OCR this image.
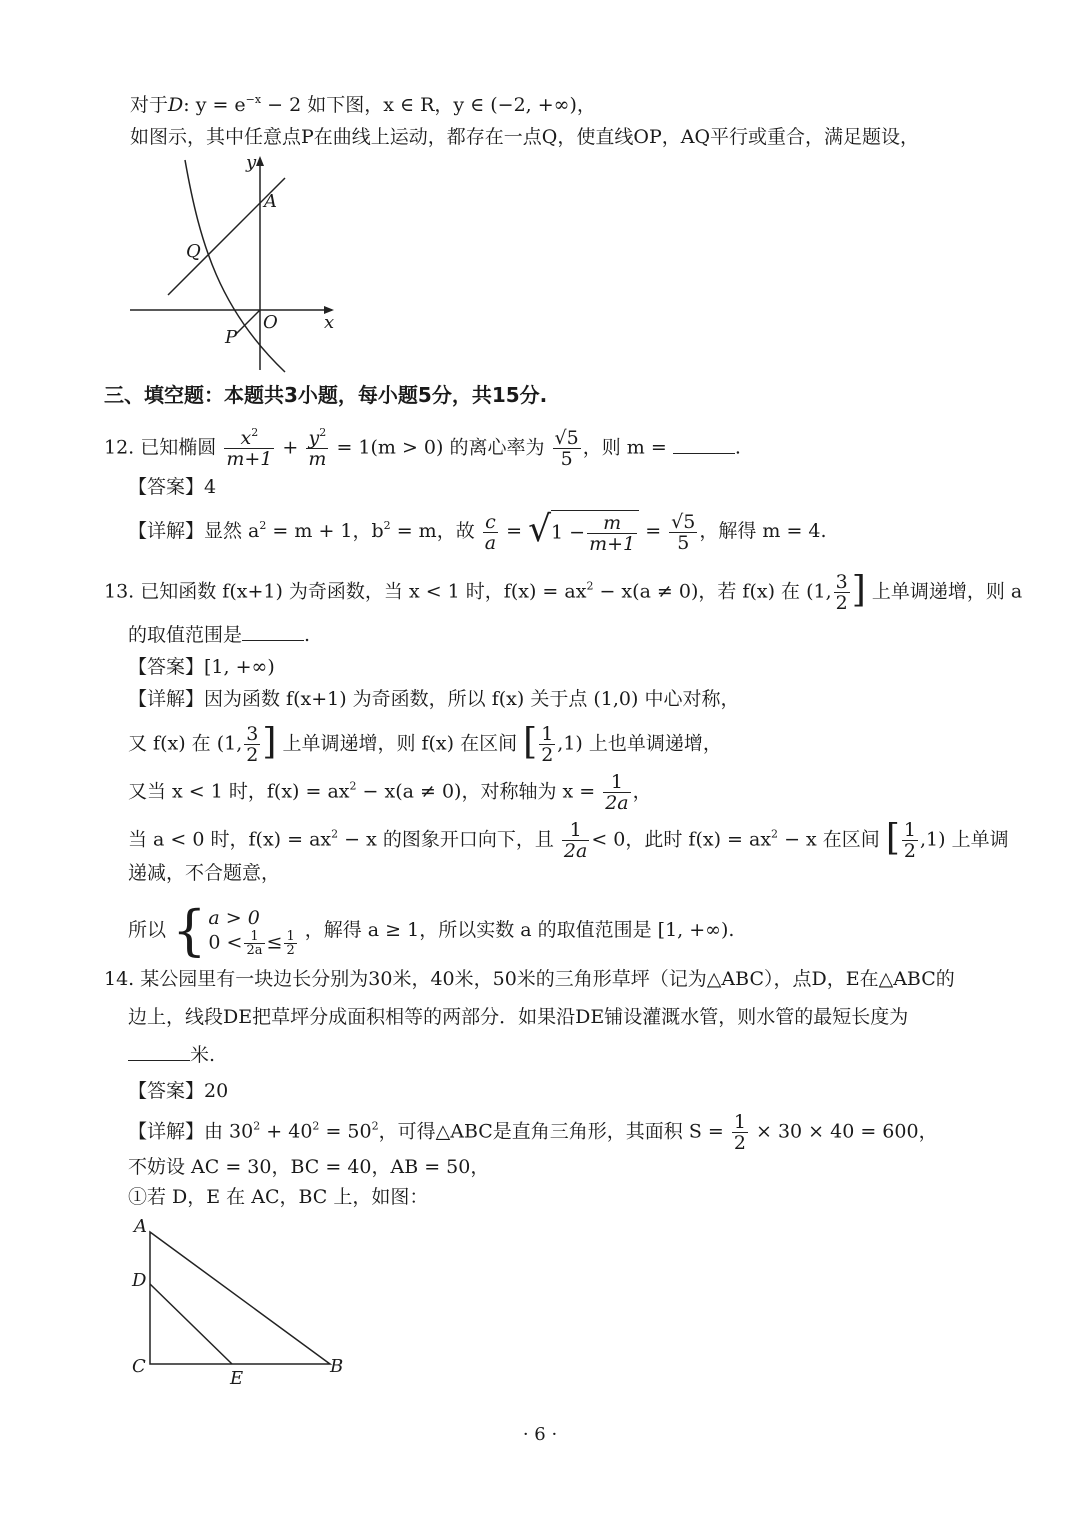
对于D: $y = e^{-x} - 2$ 如下图，x ∈ R，y ∈ (−2, +∞)，
如图示，其中任意点P在曲线上运动，都存在一点Q，使直线OP，AQ平行或重合，满足题设，
y
x
O
A
Q
P
三、填空题：本题共3小题，每小题5分，共15分.
12. 已知椭圆 $\frac{x^2}{m+1} + \frac{y^2}{m} = 1(m > 0)$ 的离心率为 $\frac{√5}{5}$ ，则 m =	.
【答案】4
【详解】显然 $a^2 = m + 1$，$b^2 = m$，故 $\frac{c}{a} = √1 - \frac{m}{m+1} = \frac{√5}{5}$ ，解得 m = 4.
13. 已知函数 f(x+1) 为奇函数，当 x < 1 时，$f(x) = ax^2 - x(a \ne 0)$，若 f(x) 在 (1, $\frac{3}{2}$ ] 上单调递增，则 a
的取值范围是	.
【答案】[1, +∞)
【详解】因为函数 f(x+1) 为奇函数，所以 f(x) 关于点 (1,0) 中心对称，
又 f(x) 在 (1, $\frac{3}{2}$ ] 上单调递增，则 f(x) 在区间 [ $\frac{1}{2} ,1$) 上也单调递增，
又当 x < 1 时，$f(x) = ax^2 - x(a \ne 0)$，对称轴为 $x = \frac{1}{2a}$ ，
当 a < 0 时，$f(x) = ax^2 - x$ 的图象开口向下，且 $\frac{1}{2a} < 0$，此时 $f(x) = ax^2 - x$ 在区间 [ $\frac{1}{2} ,1$) 上单调
递减，不合题意，
所以 { a > 0
$0 < \frac{1}{2a} \le \frac{1}{2}$ ，解得 a ≥ 1，所以实数 a 的取值范围是 [1, +∞).
14. 某公园里有一块边长分别为30米，40米，50米的三角形草坪（记为△ABC），点D，E在△ABC的
边上，线段DE把草坪分成面积相等的两部分．如果沿DE铺设灌溉水管，则水管的最短长度为
米.
【答案】20
【详解】由 $30^2 + 40^2 = 50^2$，可得△ABC是直角三角形，其面积 $S = \frac{1}{2} \times 30 \times 40 = 600$，
不妨设 AC = 30，BC = 40，AB = 50，
①若 D，E 在 AC，BC 上，如图：
A
D
C
E
B
· 6 ·
